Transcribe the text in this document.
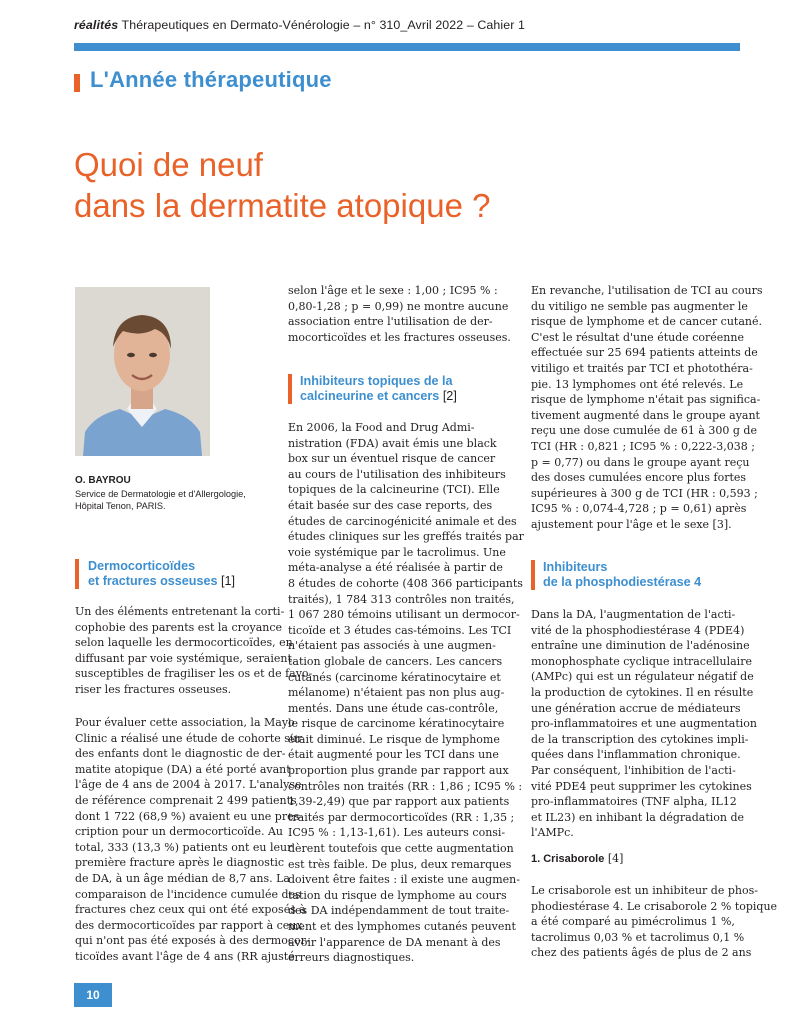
réalités Thérapeutiques en Dermato-Vénérologie – n° 310_Avril 2022 – Cahier 1
L'Année thérapeutique
Quoi de neuf
dans la dermatite atopique ?
O. BAYROU
Service de Dermatologie et d'Allergologie,
Hôpital Tenon, PARIS.
Dermocorticoïdes
et fractures osseuses [1]
Un des éléments entretenant la corti-
cophobie des parents est la croyance
selon laquelle les dermocorticoïdes, en
diffusant par voie systémique, seraient
susceptibles de fragiliser les os et de favo-
riser les fractures osseuses.
Pour évaluer cette association, la Mayo
Clinic a réalisé une étude de cohorte sur
des enfants dont le diagnostic de der-
matite atopique (DA) a été porté avant
l'âge de 4 ans de 2004 à 2017. L'analyse
de référence comprenait 2 499 patients
dont 1 722 (68,9 %) avaient eu une pres-
cription pour un dermocorticoïde. Au
total, 333 (13,3 %) patients ont eu leur
première fracture après le diagnostic
de DA, à un âge médian de 8,7 ans. La
comparaison de l'incidence cumulée des
fractures chez ceux qui ont été exposés à
des dermocorticoïdes par rapport à ceux
qui n'ont pas été exposés à des dermocor-
ticoïdes avant l'âge de 4 ans (RR ajusté
selon l'âge et le sexe : 1,00 ; IC95 % :
0,80-1,28 ; p = 0,99) ne montre aucune
association entre l'utilisation de der-
mocorticoïdes et les fractures osseuses.
Inhibiteurs topiques de la
calcineurine et cancers [2]
En 2006, la Food and Drug Admi-
nistration (FDA) avait émis une black
box sur un éventuel risque de cancer
au cours de l'utilisation des inhibiteurs
topiques de la calcineurine (TCI). Elle
était basée sur des case reports, des
études de carcinogénicité animale et des
études cliniques sur les greffés traités par
voie systémique par le tacrolimus. Une
méta-analyse a été réalisée à partir de
8 études de cohorte (408 366 participants
traités), 1 784 313 contrôles non traités,
1 067 280 témoins utilisant un dermocor-
ticoïde et 3 études cas-témoins. Les TCI
n'étaient pas associés à une augmen-
tation globale de cancers. Les cancers
cutanés (carcinome kératinocytaire et
mélanome) n'étaient pas non plus aug-
mentés. Dans une étude cas-contrôle,
le risque de carcinome kératinocytaire
était diminué. Le risque de lymphome
était augmenté pour les TCI dans une
proportion plus grande par rapport aux
contrôles non traités (RR : 1,86 ; IC95 % :
1,39-2,49) que par rapport aux patients
traités par dermocorticoïdes (RR : 1,35 ;
IC95 % : 1,13-1,61). Les auteurs consi-
dèrent toutefois que cette augmentation
est très faible. De plus, deux remarques
doivent être faites : il existe une augmen-
tation du risque de lymphome au cours
des DA indépendamment de tout traite-
ment et des lymphomes cutanés peuvent
avoir l'apparence de DA menant à des
erreurs diagnostiques.
En revanche, l'utilisation de TCI au cours
du vitiligo ne semble pas augmenter le
risque de lymphome et de cancer cutané.
C'est le résultat d'une étude coréenne
effectuée sur 25 694 patients atteints de
vitiligo et traités par TCI et photothéra-
pie. 13 lymphomes ont été relevés. Le
risque de lymphome n'était pas significa-
tivement augmenté dans le groupe ayant
reçu une dose cumulée de 61 à 300 g de
TCI (HR : 0,821 ; IC95 % : 0,222-3,038 ;
p = 0,77) ou dans le groupe ayant reçu
des doses cumulées encore plus fortes
supérieures à 300 g de TCI (HR : 0,593 ;
IC95 % : 0,074-4,728 ; p = 0,61) après
ajustement pour l'âge et le sexe [3].
Inhibiteurs
de la phosphodiestérase 4
Dans la DA, l'augmentation de l'acti-
vité de la phosphodiestérase 4 (PDE4)
entraîne une diminution de l'adénosine
monophosphate cyclique intracellulaire
(AMPc) qui est un régulateur négatif de
la production de cytokines. Il en résulte
une génération accrue de médiateurs
pro-inflammatoires et une augmentation
de la transcription des cytokines impli-
quées dans l'inflammation chronique.
Par conséquent, l'inhibition de l'acti-
vité PDE4 peut supprimer les cytokines
pro-inflammatoires (TNF alpha, IL12
et IL23) en inhibant la dégradation de
l'AMPc.
1. Crisaborole [4]
Le crisaborole est un inhibiteur de phos-
phodiestérase 4. Le crisaborole 2 % topique
a été comparé au pimécrolimus 1 %,
tacrolimus 0,03 % et tacrolimus 0,1 %
chez des patients âgés de plus de 2 ans
10
